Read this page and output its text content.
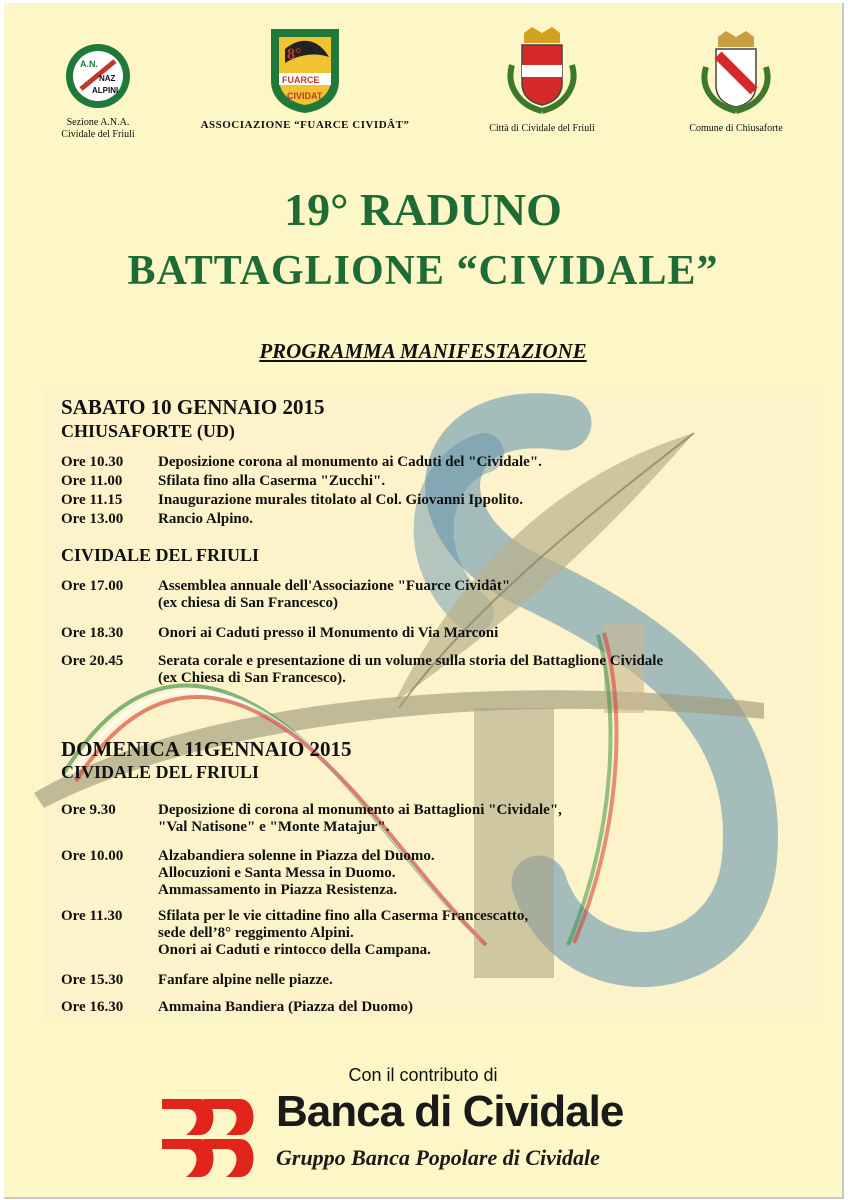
A.N.
NAZ
ALPINI
Sezione A.N.A.
Cividale del Friuli
8°
FUARCE
CIVIDAT
ASSOCIAZIONE “FUARCE CIVIDÂT”	Città di Cividale del Friuli	Comune di Chiusaforte
19° RADUNO
BATTAGLIONE “CIVIDALE”
PROGRAMMA MANIFESTAZIONE
SABATO 10 GENNAIO 2015
CHIUSAFORTE (UD)
Ore 10.30	Deposizione corona al monumento ai Caduti del "Cividale".
Ore 11.00	Sfilata fino alla Caserma "Zucchi".
Ore 11.15	Inaugurazione murales titolato al Col. Giovanni Ippolito.
Ore 13.00	Rancio Alpino.
CIVIDALE DEL FRIULI
Ore 17.00	Assemblea annuale dell'Associazione "Fuarce Cividât"
(ex chiesa di San Francesco)
Ore 18.30	Onori ai Caduti presso il Monumento di Via Marconi
Ore 20.45	Serata corale e presentazione di un volume sulla storia del Battaglione Cividale
(ex Chiesa di San Francesco).
DOMENICA 11GENNAIO 2015
CIVIDALE DEL FRIULI
Ore 9.30	Deposizione di corona al monumento ai Battaglioni "Cividale",
"Val Natisone" e "Monte Matajur".
Ore 10.00	Alzabandiera solenne in Piazza del Duomo.
Allocuzioni e Santa Messa in Duomo.
Ammassamento in Piazza Resistenza.
Ore 11.30	Sfilata per le vie cittadine fino alla Caserma Francescatto,
sede dell’8° reggimento Alpini.
Onori ai Caduti e rintocco della Campana.
Ore 15.30	Fanfare alpine nelle piazze.
Ore 16.30	Ammaina Bandiera (Piazza del Duomo)
Con il contributo di
Banca di Cividale
Gruppo Banca Popolare di Cividale
